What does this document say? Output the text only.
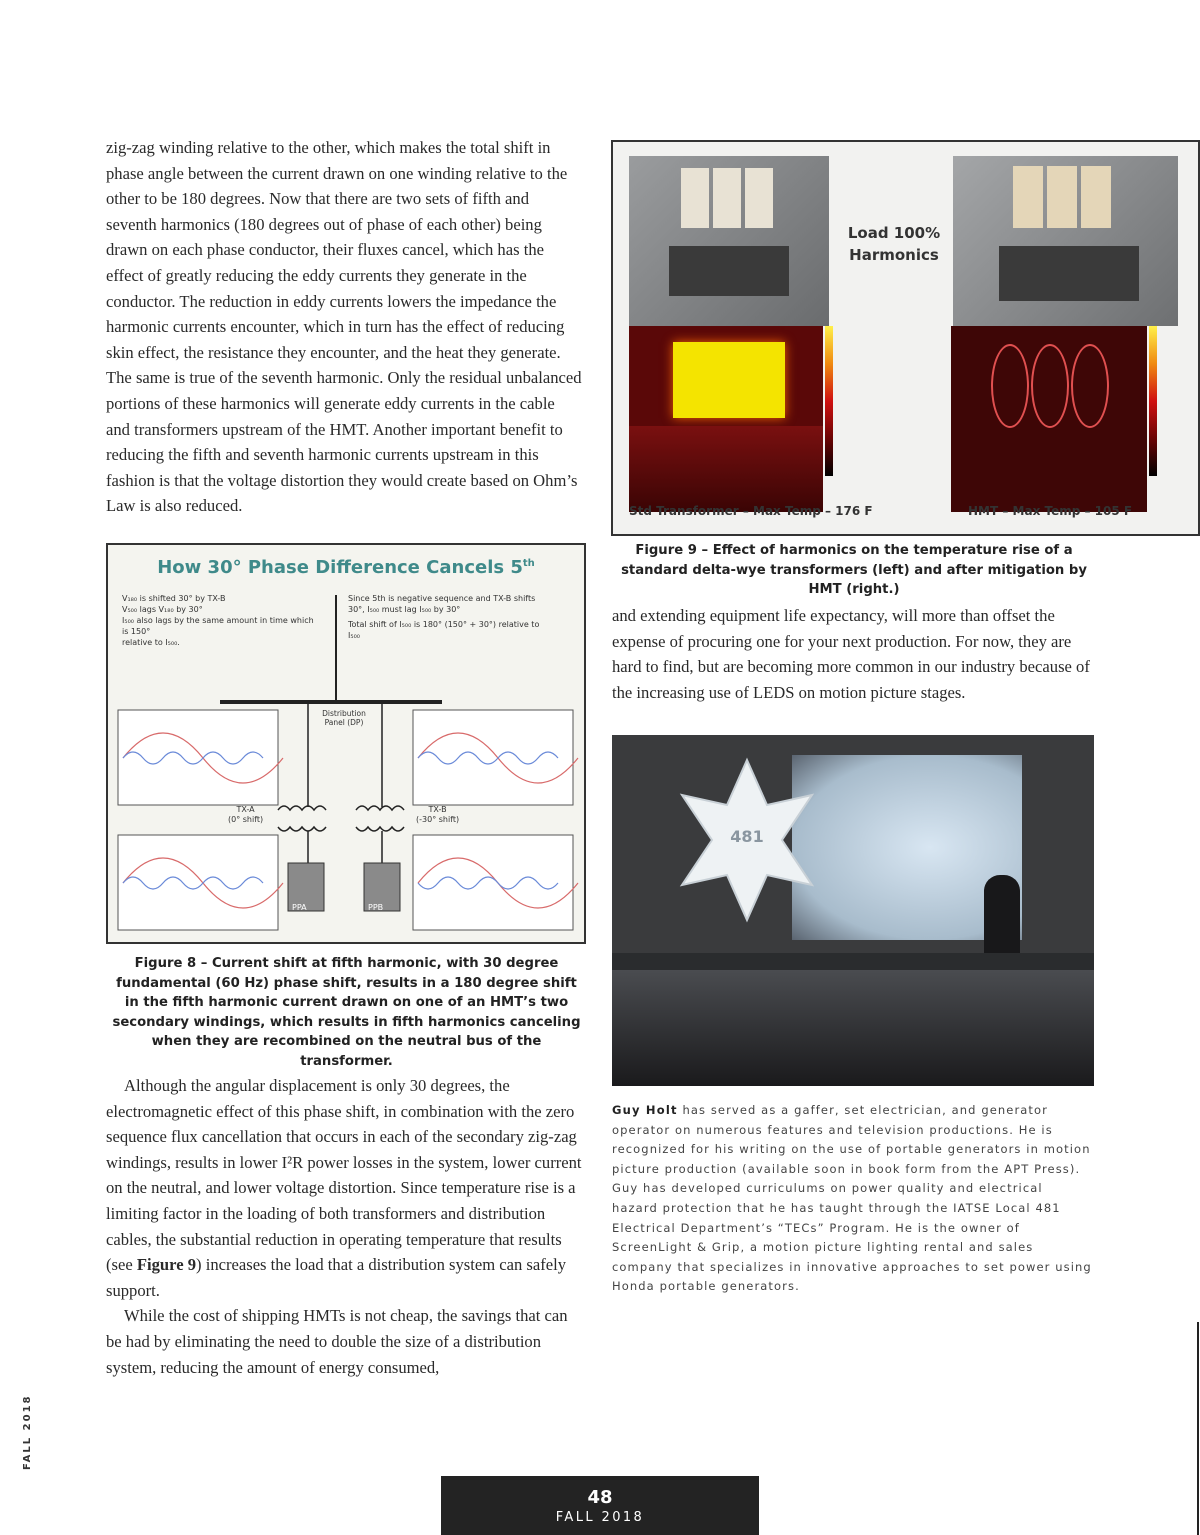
zig-zag winding relative to the other, which makes the total shift in phase angle between the current drawn on one winding relative to the other to be 180 degrees. Now that there are two sets of fifth and seventh harmonics (180 degrees out of phase of each other) being drawn on each phase conductor, their fluxes cancel, which has the effect of greatly reducing the eddy currents they generate in the conductor. The reduction in eddy currents lowers the impedance the harmonic currents encounter, which in turn has the effect of reducing skin effect, the resistance they encounter, and the heat they generate. The same is true of the seventh harmonic. Only the residual unbalanced portions of these harmonics will generate eddy currents in the cable and transformers upstream of the HMT. Another important benefit to reducing the fifth and seventh harmonic currents upstream in this fashion is that the voltage distortion they would create based on Ohm’s Law is also reduced.

How 30° Phase Difference Cancels 5th
V₁₈₀ is shifted 30° by TX-B
V₅₀₀ lags V₁₈₀ by 30°
I₅₀₀ also lags by the same amount in time which is 150°
relative to I₅₀₀.
Since 5th is negative sequence and TX-B shifts 30°, I₅₀₀ must lag I₅₀₀ by 30°
Total shift of I₅₀₀ is 180° (150° + 30°) relative to I₅₀₀
Distribution Panel (DP)
TX-A
(0° shift)
TX-B
(-30° shift)
PPA	PPB
Figure 8 – Current shift at fifth harmonic, with 30 degree fundamental (60 Hz) phase shift, results in a 180 degree shift in the fifth harmonic current drawn on one of an HMT’s two secondary windings, which results in fifth harmonics canceling when they are recombined on the neutral bus of the transformer.

Although the angular displacement is only 30 degrees, the electromagnetic effect of this phase shift, in combination with the zero sequence flux cancellation that occurs in each of the secondary zig-zag windings, results in lower I²R power losses in the system, lower current on the neutral, and lower voltage distortion. Since temperature rise is a limiting factor in the loading of both transformers and distribution cables, the substantial reduction in operating temperature that results (see Figure 9) increases the load that a distribution system can safely support.

While the cost of shipping HMTs is not cheap, the savings that can be had by eliminating the need to double the size of a distribution system, reducing the amount of energy consumed,

Load 100%
Harmonics
Std Transformer – Max Temp – 176 F	HMT – Max Temp – 105 F
Figure 9 – Effect of harmonics on the temperature rise of a standard delta-wye transformers (left) and after mitigation by HMT (right.)

and extending equipment life expectancy, will more than offset the expense of procuring one for your next production. For now, they are hard to find, but are becoming more common in our industry because of the increasing use of LEDS on motion picture stages.

481
Guy Holt has served as a gaffer, set electrician, and generator operator on numerous features and television productions. He is recognized for his writing on the use of portable generators in motion picture production (available soon in book form from the APT Press). Guy has developed curriculums on power quality and electrical hazard protection that he has taught through the IATSE Local 481 Electrical Department’s “TECs” Program. He is the owner of ScreenLight & Grip, a motion picture lighting rental and sales company that specializes in innovative approaches to set power using Honda portable generators.
FALL 2018
48
FALL 2018
